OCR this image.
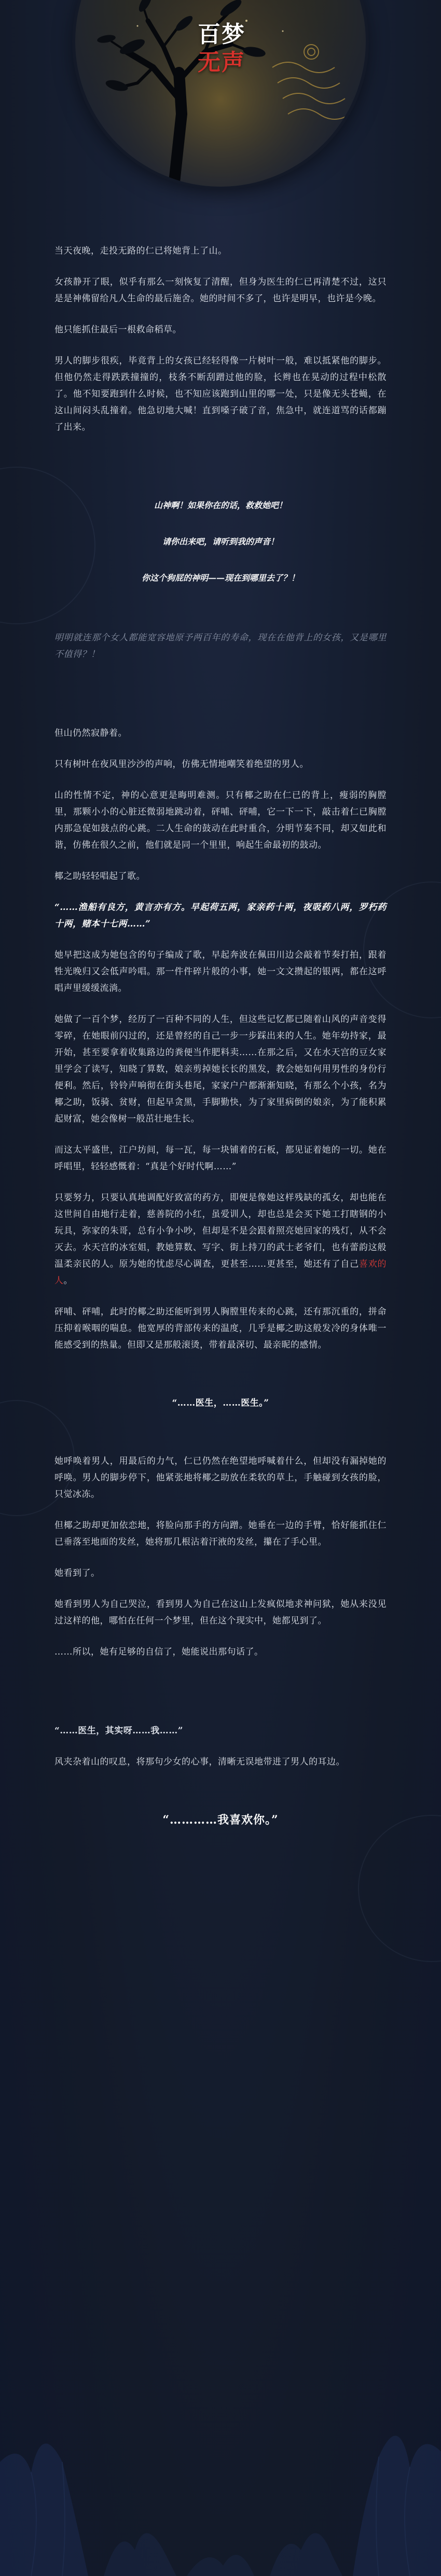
百梦
无声

当天夜晚，走投无路的仁已将她背上了山。

女孩静开了眼，似乎有那么一刻恢复了清醒，但身为医生的仁已再清楚不过，这只是是神佛留给凡人生命的最后施舍。她的时间不多了，也许是明早，也许是今晚。

他只能抓住最后一根救命稻草。

男人的脚步很疾，毕竟背上的女孩已经轻得像一片树叶一般，难以抵紧他的脚步。但他仍然走得跌跌撞撞的，枝条不断刮蹭过他的脸，长辫也在晃动的过程中松散了。他不知要跑到什么时候，也不知应该跑到山里的哪一处，只是像无头苍蝇，在这山间闷头乱撞着。他急切地大喊！直到嗓子破了音，焦急中，就连道骂的话都蹦了出来。

山神啊！如果你在的话，救救她吧！
请你出来吧，请听到我的声音！
你这个狗屁的神明——现在到哪里去了？！

明明就连那个女人都能宽容地原予两百年的寿命，现在在他背上的女孩，又是哪里不值得？！

但山仍然寂静着。

只有树叶在夜风里沙沙的声响，仿佛无情地嘲笑着绝望的男人。

山的性情不定，神的心意更是晦明难测。只有椰之助在仁已的背上，瘦弱的胸膛里，那颗小小的心脏还微弱地跳动着，砰哺、砰哺，它一下一下，敲击着仁已胸膛内那急促如鼓点的心跳。二人生命的鼓动在此时重合，分明节奏不同，却又如此和谐，仿佛在很久之前，他们就是同一个里里，响起生命最初的鼓动。

椰之助轻轻唱起了歌。

“……渔船有良方，黄言亦有方。早起荷五两，家亲药十两，夜吸药八两，罗朽药十两，赌本十七两……”

她早把这成为她包含的句子编成了歌，早起奔波在佩田川边会敲着节奏打拍，跟着牲光晚归又会低声吟唱。那一件件碎片般的小事，她一文文攒起的银两，都在这呼唱声里缓缓流淌。

她做了一百个梦，经历了一百种不同的人生，但这些记忆都已随着山风的声音变得零碎，在她眼前闪过的，还是曾经的自己一步一步踩出来的人生。她年幼持家，最开始，甚至要拿着收集路边的粪便当作肥料卖……在那之后，又在水天宫的豆女家里学会了读写，知晓了算数，娘亲剪掉她长长的黑发，教会她如何用男性的身份行便利。然后，铃铃声响彻在街头巷尾，家家户户都渐渐知晓，有那么个小孩，名为椰之助，饭骑、贫财，但起早贪黑，手脚勤快，为了家里病倒的娘亲，为了能积累起财富，她会像树一般茁壮地生长。

而这太平盛世，江户坊间，每一瓦，每一块铺着的石板，都见证着她的一切。她在呼唱里，轻轻感慨着：“真是个好时代啊……”

只要努力，只要认真地调配好致富的药方，即便是像她这样残缺的孤女，却也能在这世间自由地行走着，慈善院的小红，虽爱训人，却也总是会买下她工打瞎钢的小玩具，弥家的朱哥，总有小争小吵，但却是不是会跟着照亮她回家的残灯，从不会灭去。水天宫的冰室姐，教她算数、写字、街上持刀的武士老爷们，也有蕾韵这般温柔亲民的人。原为她的忧虑尽心调查，更甚至……更甚至，她还有了自己喜欢的人。

砰哺、砰哺，此时的椰之助还能听到男人胸膛里传来的心跳，还有那沉重的，拼命压抑着喉咽的喘息。他宽厚的背部传来的温度，几乎是椰之助这般发冷的身体唯一能感受到的热量。但即又是那般滚烫，带着最深切、最亲昵的感情。

“……医生，……医生。”

她呼唤着男人，用最后的力气，仁已仍然在绝望地呼喊着什么，但却没有漏掉她的呼唤。男人的脚步停下，他紧张地将椰之助放在柔软的草上，手触碰到女孩的脸，只觉冰冻。

但椰之助却更加依恋地，将脸向那手的方向蹭。她垂在一边的手臂，恰好能抓住仁已垂落至地面的发丝，她将那几根沾着汗液的发丝，攥在了手心里。

她看到了。

她看到男人为自己哭泣，看到男人为自己在这山上发疯似地求神问狱，她从来没见过这样的他，哪怕在任何一个梦里，但在这个现实中，她都见到了。

……所以，她有足够的自信了，她能说出那句话了。

“……医生，其实呀……我……”

风夹杂着山的叹息，将那句少女的心事，清晰无误地带进了男人的耳边。

“…………我喜欢你。”
